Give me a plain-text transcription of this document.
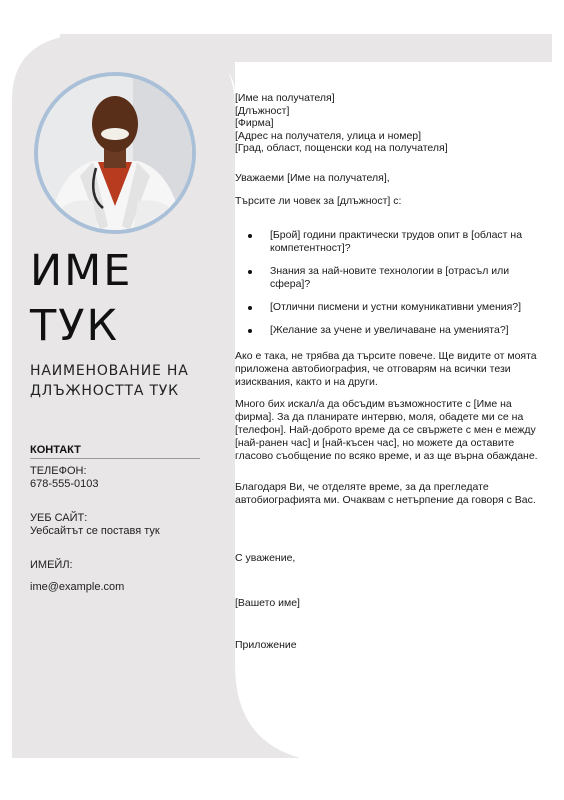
ИМЕ
ТУК
НАИМЕНОВАНИЕ НА ДЛЪЖНОСТТА ТУК
КОНТАКТ
ТЕЛЕФОН:
678-555-0103
УЕБ САЙТ:
Уебсайтът се поставя тук
ИМЕЙЛ:
ime@example.com
[Име на получателя]
[Длъжност]
[Фирма]
[Адрес на получателя, улица и номер]
[Град, област, пощенски код на получателя]
Уважаеми [Име на получателя],
Търсите ли човек за [длъжност] с:
[Брой] години практически трудов опит в [област на компетентност]?
Знания за най-новите технологии в [отрасъл или сфера]?
[Отлични писмени и устни комуникативни умения?]
[Желание за учене и увеличаване на уменията?]

Ако е така, не трябва да търсите повече. Ще видите от моята приложена автобиография, че отговарям на всички тези изисквания, както и на други.

Много бих искал/а да обсъдим възможностите с [Име на фирма]. За да планирате интервю, моля, обадете ми се на [телефон]. Най-доброто време да се свържете с мен е между [най-ранен час] и [най-късен час], но можете да оставите гласово съобщение по всяко време, и аз ще върна обаждане.

Благодаря Ви, че отделяте време, за да прегледате автобиографията ми. Очаквам с нетърпение да говоря с Вас.

С уважение,
[Вашето име]
Приложение
